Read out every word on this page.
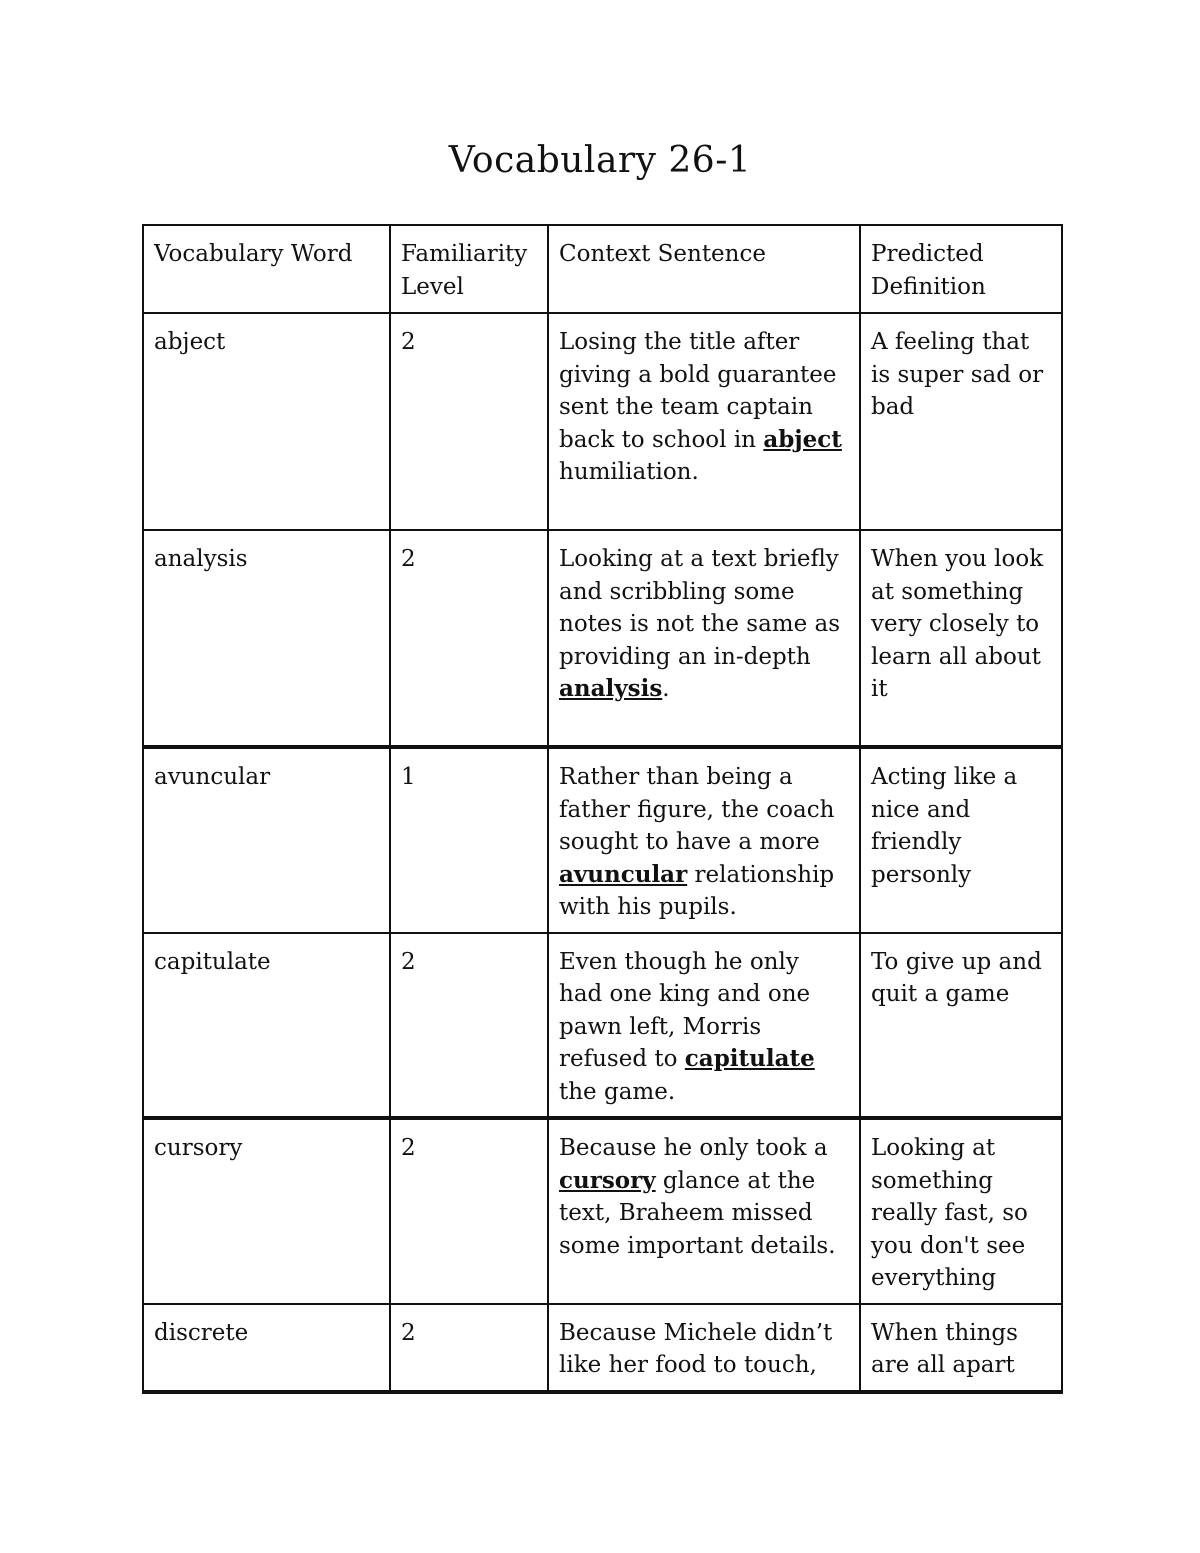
Vocabulary 26-1
Vocabulary Word	Familiarity Level	Context Sentence	Predicted Definition
abject	2	Losing the title after giving a bold guarantee sent the team captain back to school in abject humiliation.	A feeling that is super sad or bad
analysis	2	Looking at a text briefly and scribbling some notes is not the same as providing an in-depth analysis.	When you look at something very closely to learn all about it
avuncular	1	Rather than being a father figure, the coach sought to have a more avuncular relationship with his pupils.	Acting like a nice and friendly personly
capitulate	2	Even though he only had one king and one pawn left, Morris refused to capitulate the game.	To give up and quit a game
cursory	2	Because he only took a cursory glance at the text, Braheem missed some important details.	Looking at something really fast, so you don't see everything
discrete	2	Because Michele didn’t like her food to touch,	When things are all apart
